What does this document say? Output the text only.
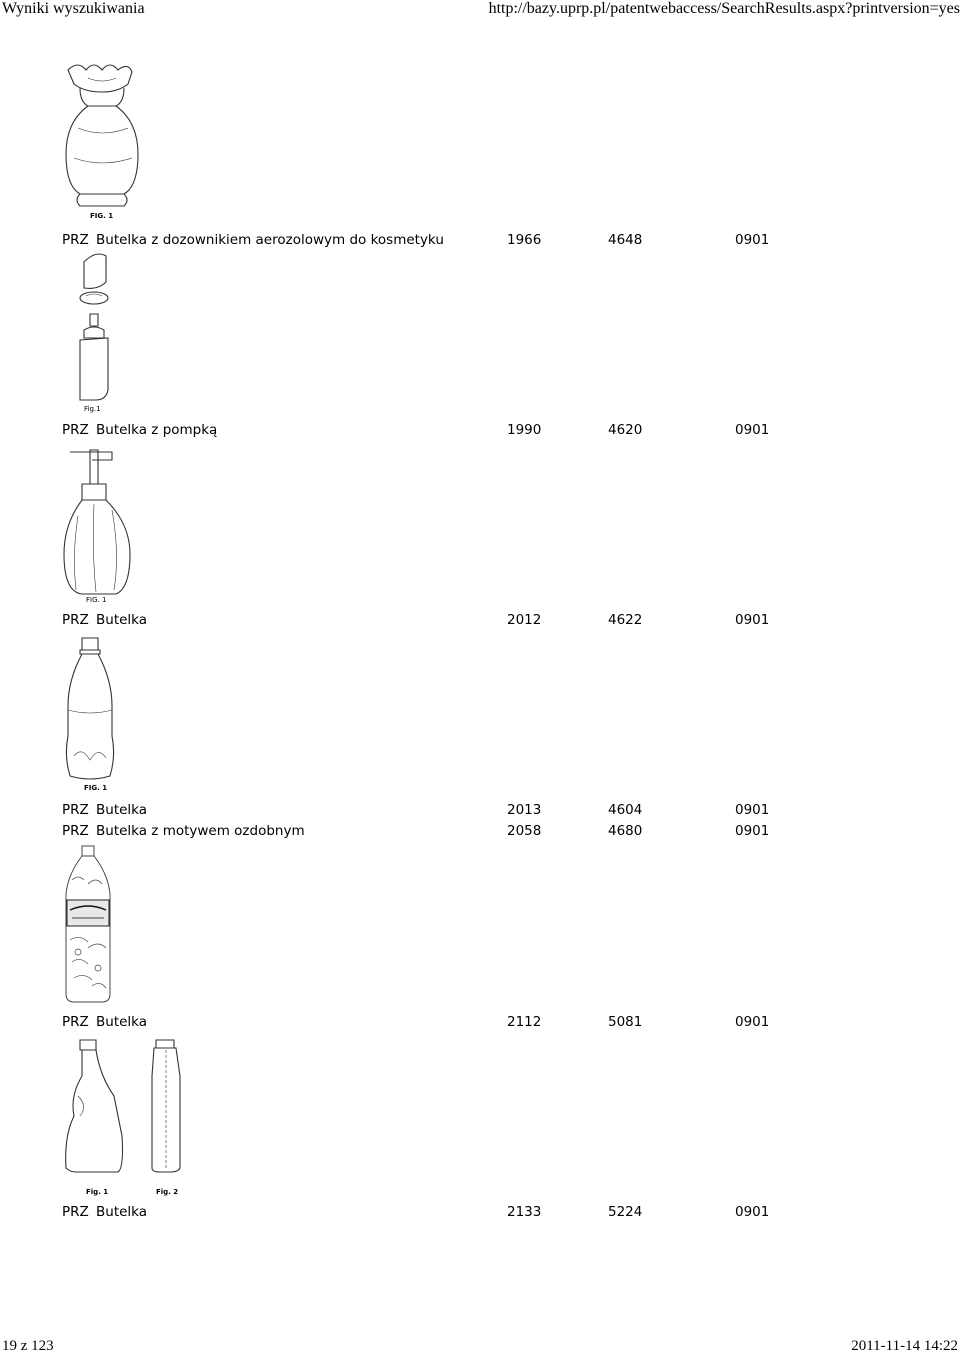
Wyniki wyszukiwania	http://bazy.uprp.pl/patentwebaccess/SearchResults.aspx?printversion=yes
FIG. 1
PRZ Butelka z dozownikiem aerozolowym do kosmetyku	1966	4648	0901
Fig.1
PRZ Butelka z pompką	1990	4620	0901
FIG. 1
PRZ Butelka	2012	4622	0901
FIG. 1
PRZ Butelka	2013	4604	0901
PRZ Butelka z motywem ozdobnym	2058	4680	0901
PRZ Butelka	2112	5081	0901
Fig. 1	Fig. 2
PRZ Butelka	2133	5224	0901
19 z 123	2011-11-14 14:22
